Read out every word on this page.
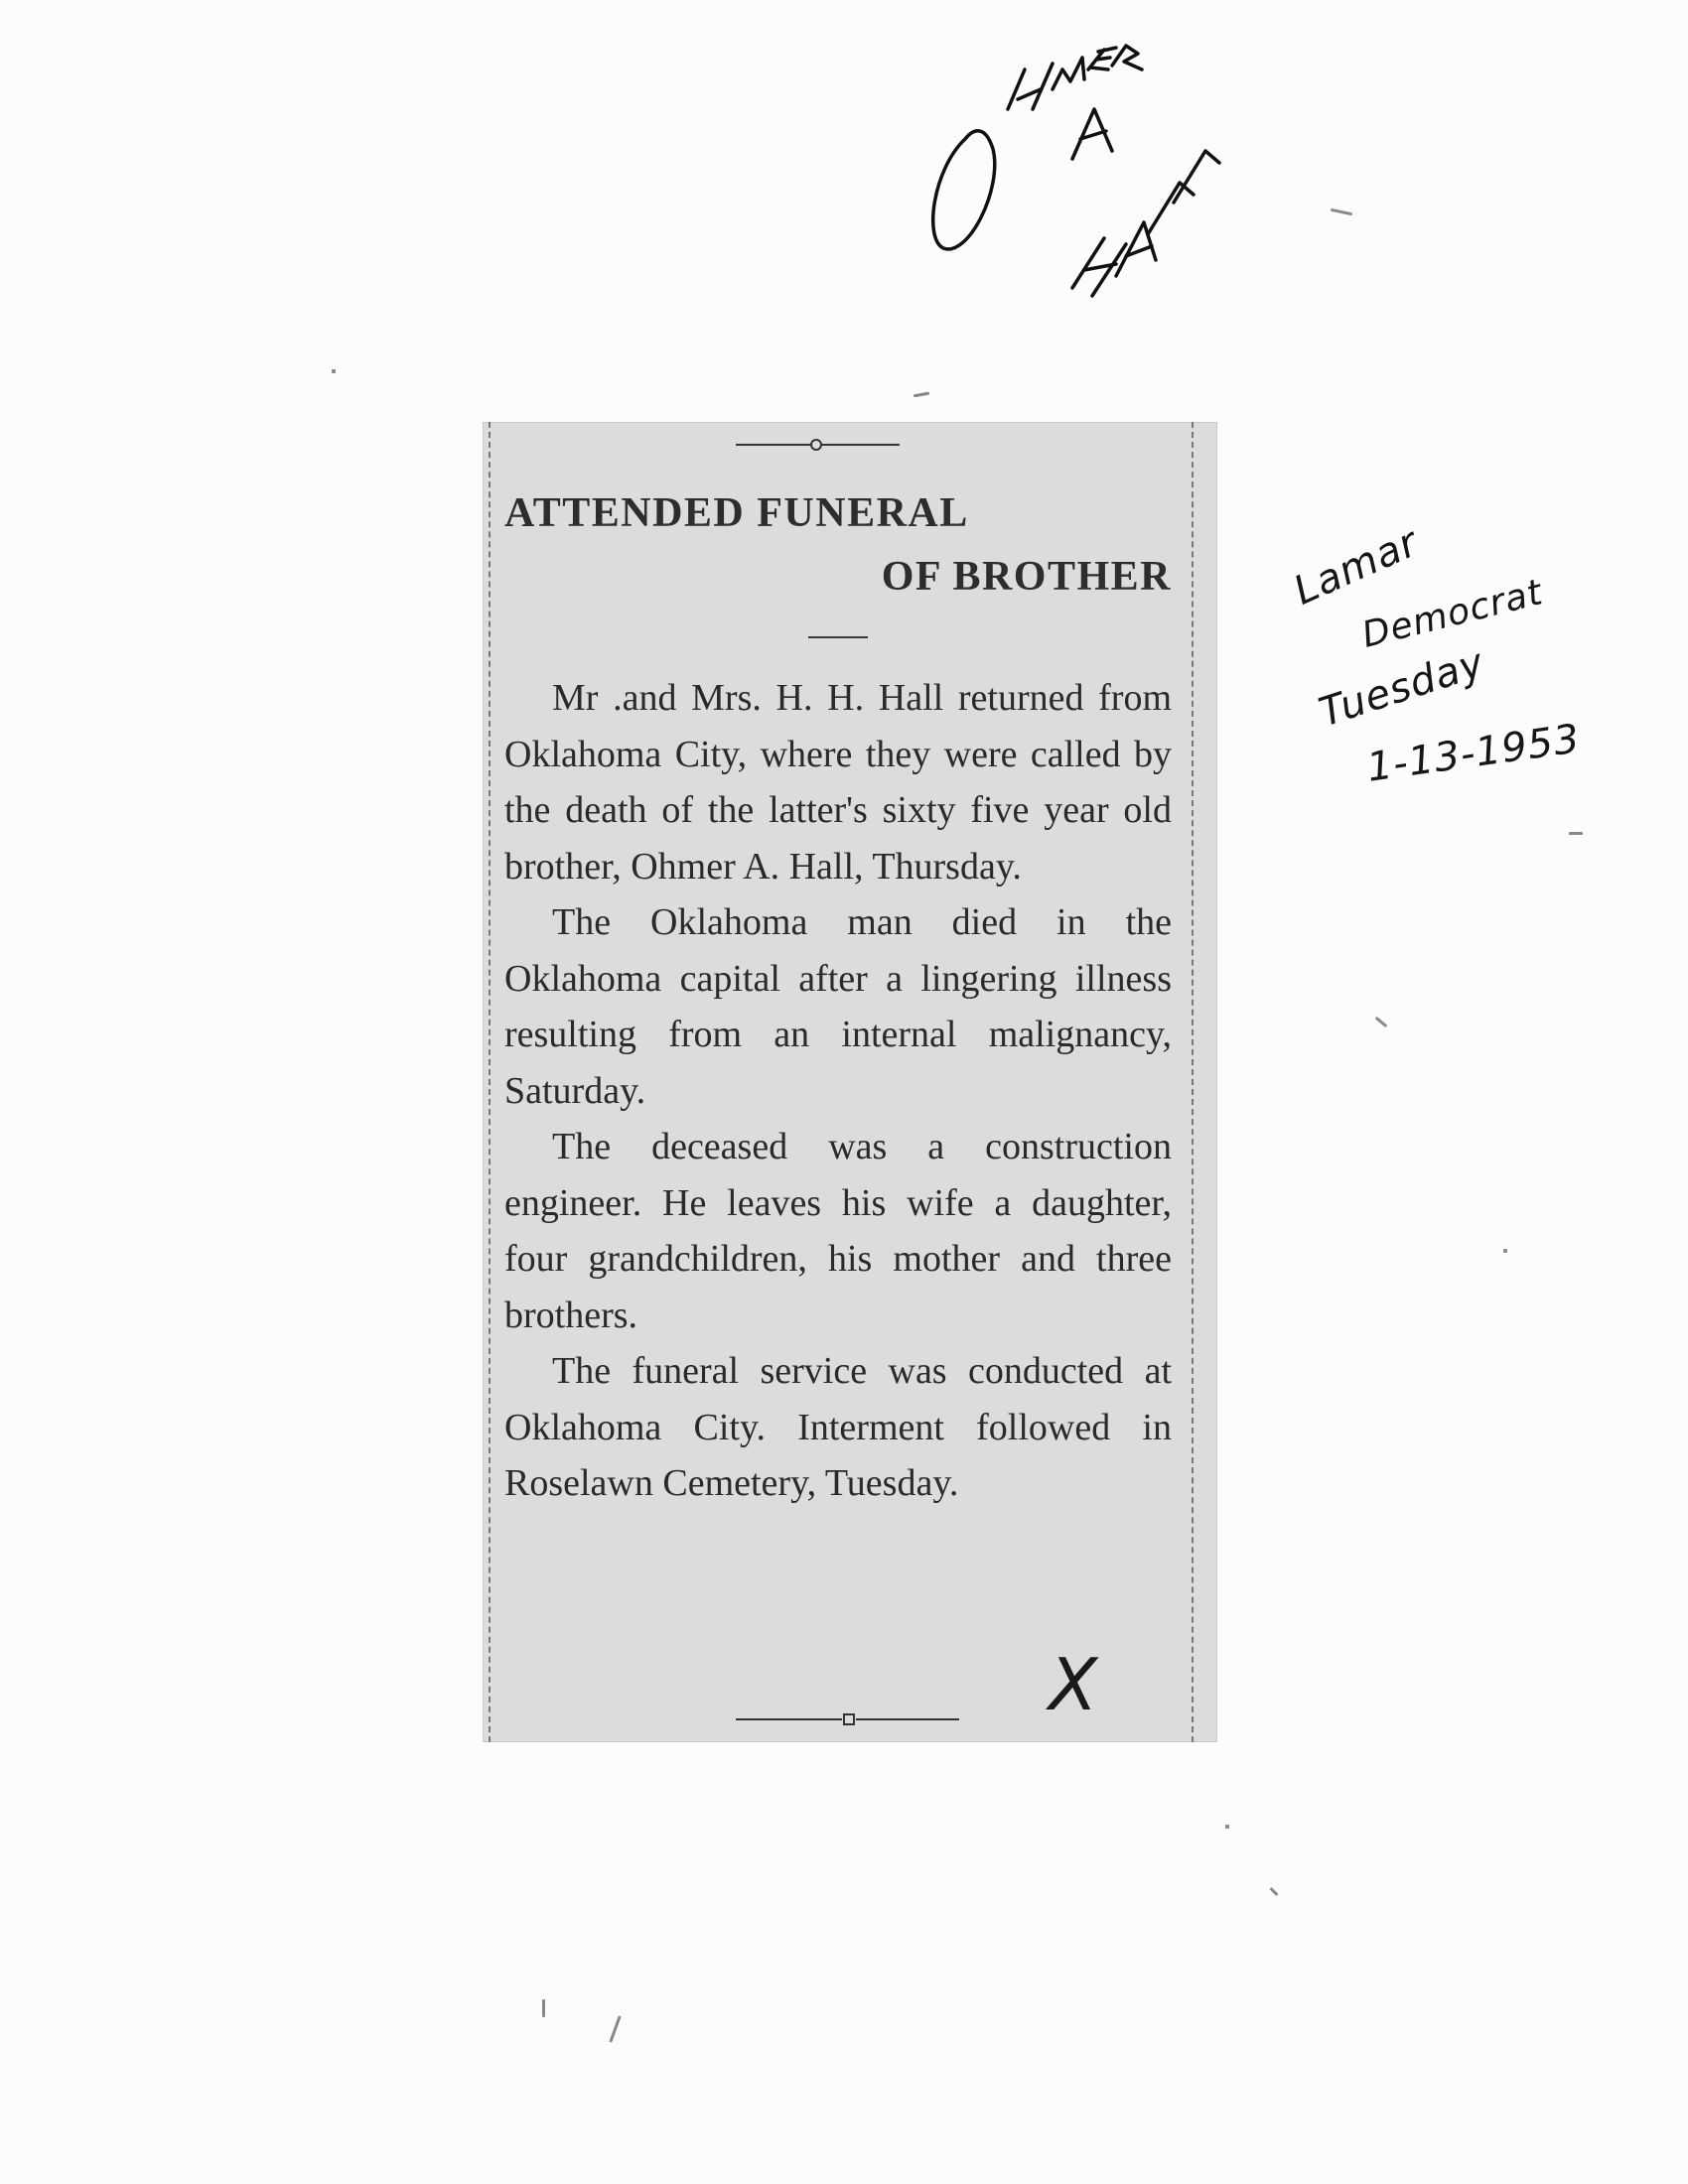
Lamar
Democrat
Tuesday
1-13-1953
ATTENDED FUNERAL
OF BROTHER

Mr .and Mrs. H. H. Hall returned from Oklahoma City, where they were called by the death of the latter's sixty five year old brother, Ohmer A. Hall, Thursday.

The Oklahoma man died in the Oklahoma capital after a lingering illness resulting from an internal malignancy, Saturday.

The deceased was a construction engineer. He leaves his wife a daughter, four grandchildren, his mother and three brothers.

The funeral service was conducted at Oklahoma City. Interment followed in Roselawn Cemetery, Tuesday.

X
